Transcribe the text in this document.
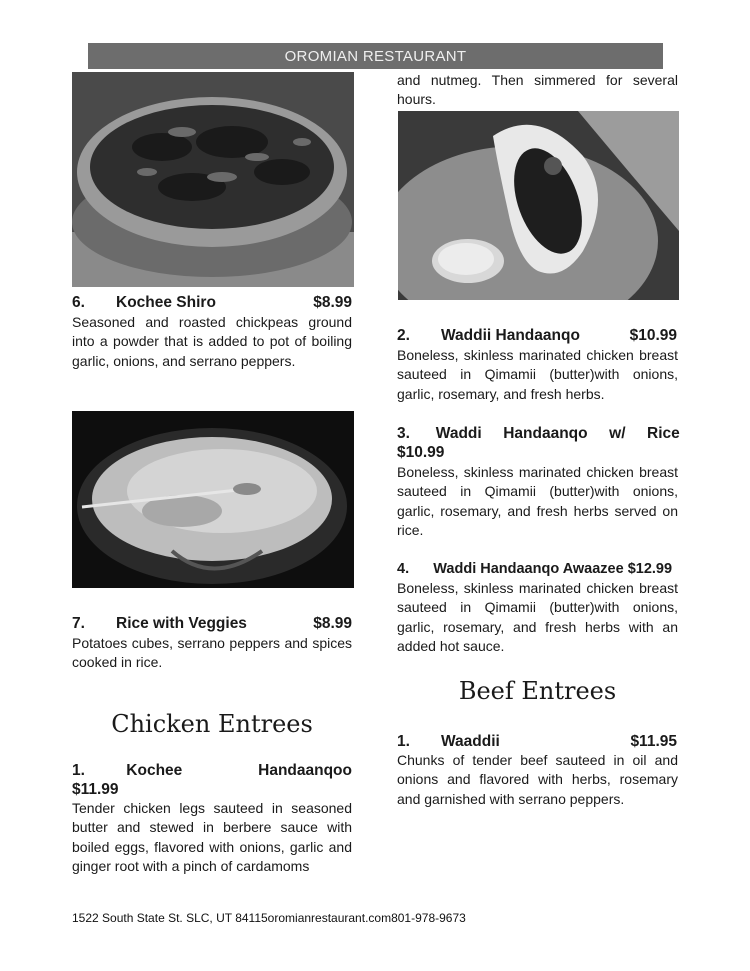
OROMIAN RESTAURANT
6. Kochee Shiro	$8.99
Seasoned and roasted chickpeas ground into a powder that is added to pot of boiling garlic, onions, and serrano peppers.
7. Rice with Veggies	$8.99
Potatoes cubes, serrano peppers and spices cooked in rice.
Chicken Entrees
1.      Kochee           Handaanqoo
$11.99
Tender chicken legs sauteed in seasoned butter and stewed in berbere sauce with boiled eggs, flavored with onions, garlic and ginger root with a pinch of cardamoms
and nutmeg. Then simmered for several hours.
2. Waddii Handaanqo	$10.99
Boneless, skinless marinated chicken breast sauteed in Qimamii (butter)with onions, garlic, rosemary, and fresh herbs.
3.      Waddi     Handaanqo     w/     Rice
$10.99
Boneless, skinless marinated chicken breast sauteed in Qimamii (butter)with onions, garlic, rosemary, and fresh herbs served on rice.
4.      Waddi Handaanqo Awaazee $12.99
Boneless, skinless marinated chicken breast sauteed in Qimamii (butter)with onions, garlic, rosemary, and fresh herbs with an added hot sauce.
Beef Entrees
1. Waaddii	$11.95
Chunks of tender beef sauteed in oil and onions and flavored with herbs, rosemary and garnished with serrano peppers.
1522 South State St. SLC, UT 84115oromianrestaurant.com801-978-9673
